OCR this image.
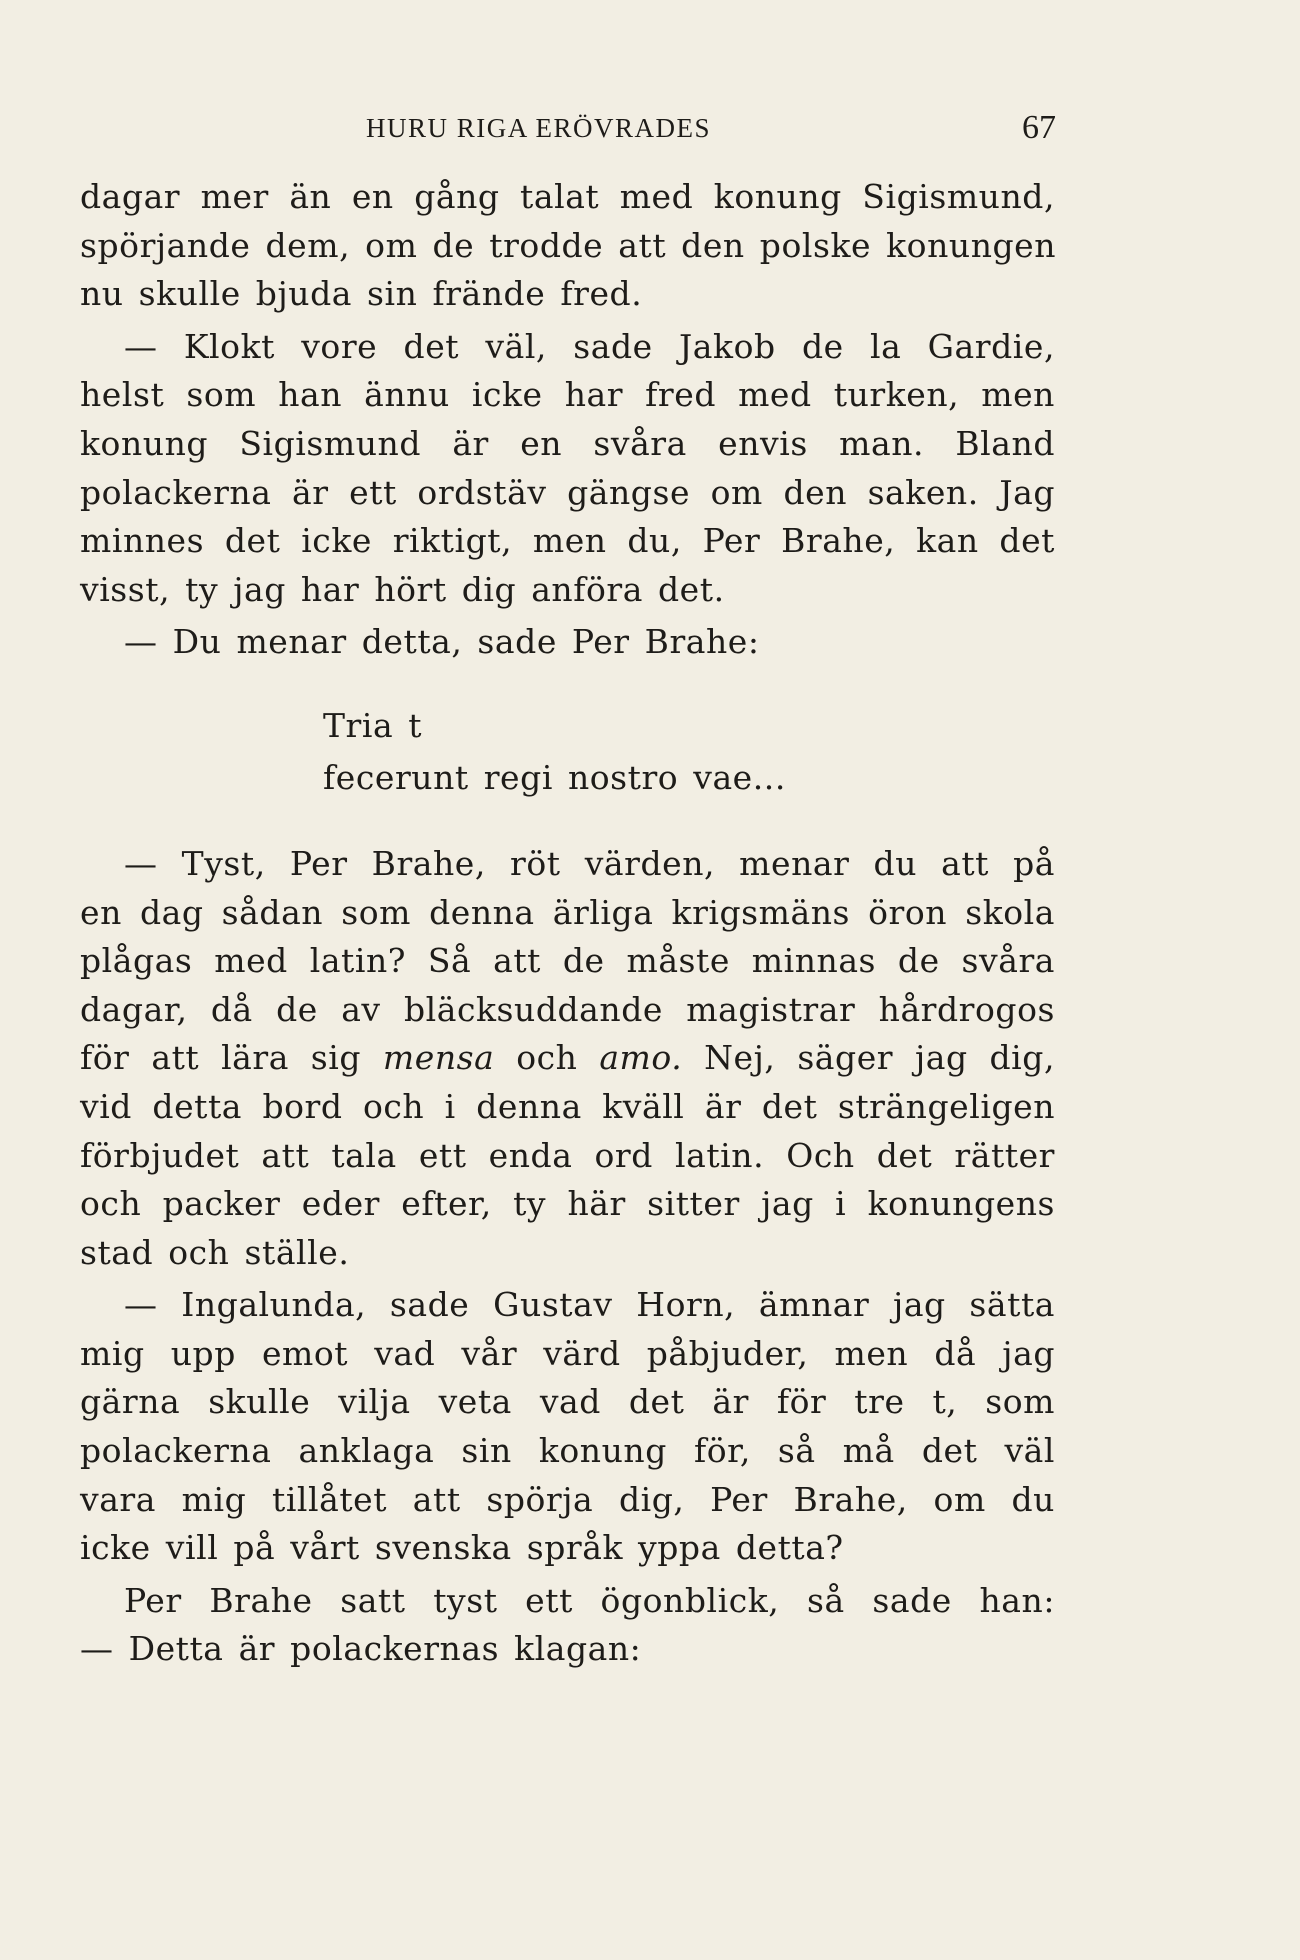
HURU RIGA ERÖVRADES	67

dagar mer än en gång talat med konung Sigismund,
spörjande dem, om de trodde att den polske konungen
nu skulle bjuda sin frände fred.

— Klokt vore det väl, sade Jakob de la Gardie,
helst som han ännu icke har fred med turken, men
konung Sigismund är en svåra envis man. Bland
polackerna är ett ordstäv gängse om den saken. Jag
minnes det icke riktigt, men du, Per Brahe, kan det
visst, ty jag har hört dig anföra det.

— Du menar detta, sade Per Brahe:

Tria t
fecerunt regi nostro vae...

— Tyst, Per Brahe, röt värden, menar du att på
en dag sådan som denna ärliga krigsmäns öron skola
plågas med latin? Så att de måste minnas de svåra
dagar, då de av bläcksuddande magistrar hårdrogos
för att lära sig mensa och amo. Nej, säger jag dig,
vid detta bord och i denna kväll är det strängeligen
förbjudet att tala ett enda ord latin. Och det rätter
och packer eder efter, ty här sitter jag i konungens
stad och ställe.

— Ingalunda, sade Gustav Horn, ämnar jag sätta
mig upp emot vad vår värd påbjuder, men då jag
gärna skulle vilja veta vad det är för tre t, som
polackerna anklaga sin konung för, så må det väl
vara mig tillåtet att spörja dig, Per Brahe, om du
icke vill på vårt svenska språk yppa detta?

Per Brahe satt tyst ett ögonblick, så sade han:

— Detta är polackernas klagan:
